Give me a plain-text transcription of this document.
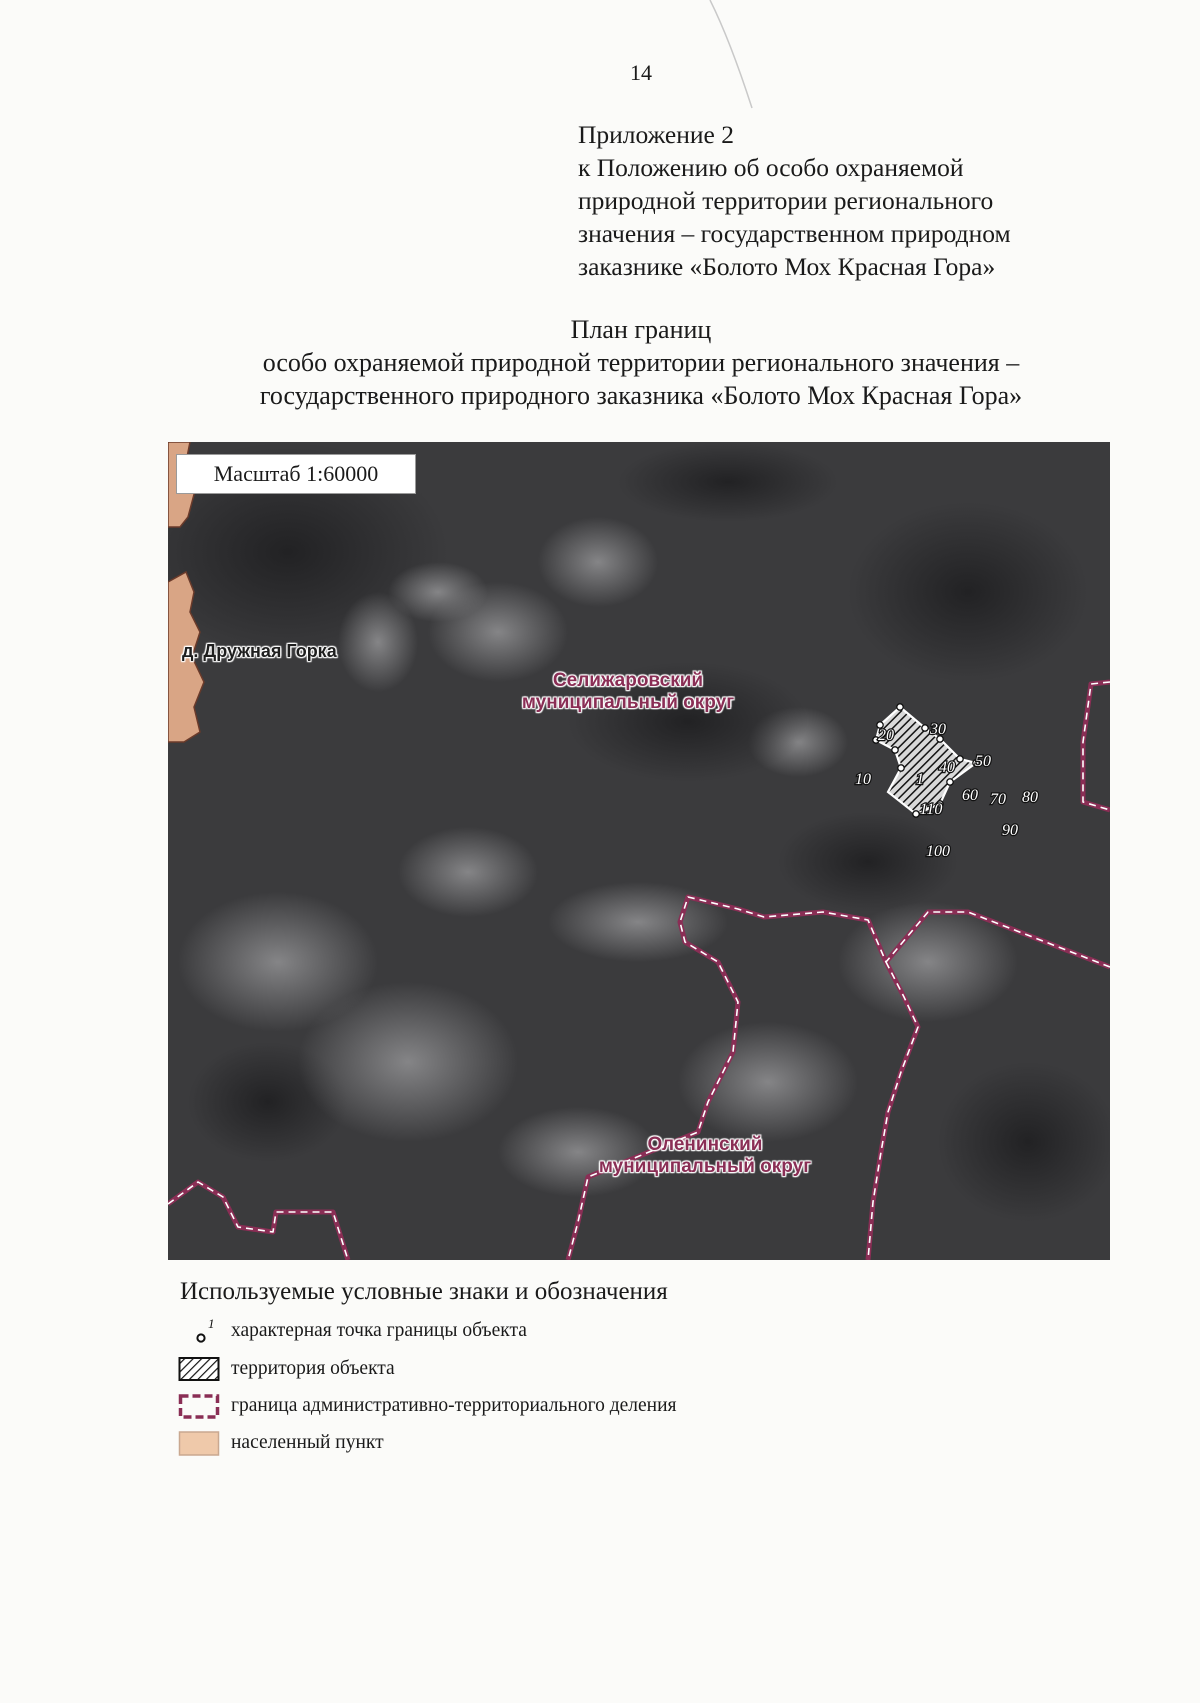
14
Приложение 2
к Положению об особо охраняемой
природной территории регионального
значения – государственном природном
заказнике «Болото Мох Красная Гора»
План границ
особо охраняемой природной территории регионального значения –
государственного природного заказника «Болото Мох Красная Гора»
1
10
20 30
40 50
60 70 80
90
100
110
Масштаб 1:60000
д. Дружная Горка
Селижаровский
муниципальный округ
Оленинский
муниципальный округ
Используемые условные знаки и обозначения
1 характерная точка границы объекта
территория объекта
граница административно-территориального деления
населенный пункт
